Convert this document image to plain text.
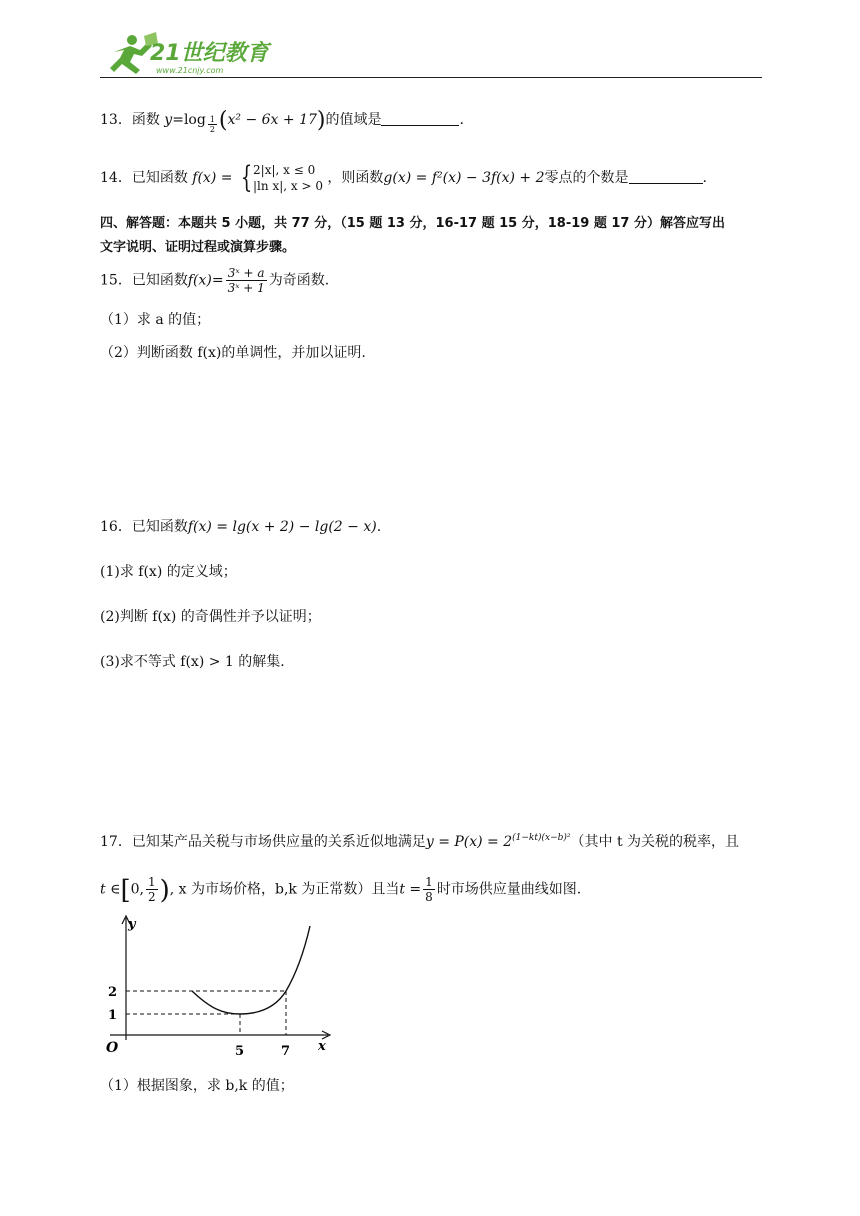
21世纪教育
www.21cnjy.com
13．函数 $y=\log \frac{1}{2} (x^2 - 6x + 17)$的值域是	.
14．已知函数 f(x) = { 2|x|, x ≤ 0
|ln x|, x > 0 ，则函数g(x) = f²(x) − 3f(x) + 2零点的个数是	.
四、解答题：本题共 5 小题，共 77 分，（15 题 13 分，16-17 题 15 分，18-19 题 17 分）解答应写出
文字说明、证明过程或演算步骤。
15．已知函数$f(x)= \frac{\text{3ˣ + a}}{\text{3ˣ + 1}}$ 为奇函数.
（1）求 a 的值；
（2）判断函数 f(x)的单调性，并加以证明.
16．已知函数f(x) = lg(x + 2) − lg(2 − x).
(1)求 f(x) 的定义域；
(2)判断 f(x) 的奇偶性并予以证明；
(3)求不等式 f(x) > 1 的解集.
17．已知某产品关税与市场供应量的关系近似地满足$y = P(x) = 2^{(1-kt)(x-b)^2}$（其中 t 为关税的税率，且
t ∈[0, $\frac{1}{2}$ ), x 为市场价格，b,k 为正常数）且当$t = \frac{1}{8}$ 时市场供应量曲线如图.
y
x
O
2
1
5	7
（1）根据图象，求 b,k 的值；
